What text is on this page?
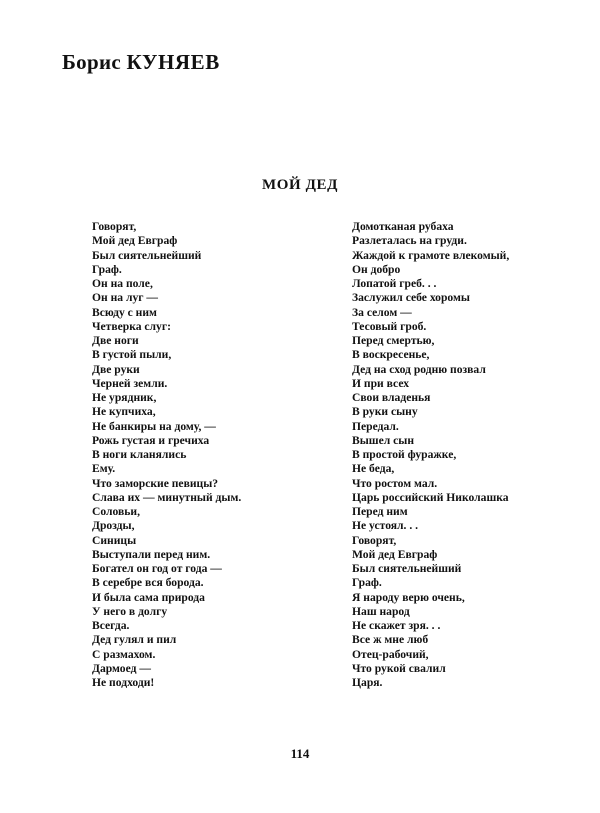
Борис КУНЯЕВ
МОЙ ДЕД
Говорят,
Мой дед Евграф
Был сиятельнейший
Граф.
Он на поле,
Он на луг —
Всюду с ним
Четверка слуг:
Две ноги
В густой пыли,
Две руки
Черней земли.
Не урядник,
Не купчиха,
Не банкиры на дому, —
Рожь густая и гречиха
В ноги кланялись
Ему.
Что заморские певицы?
Слава их — минутный дым.
Соловьи,
Дрозды,
Синицы
Выступали перед ним.
Богател он год от года —
В серебре вся борода.
И была сама природа
У него в долгу
Всегда.
Дед гулял и пил
С размахом.
Дармоед —
Не подходи!
Домотканая рубаха
Разлеталась на груди.
Жаждой к грамоте влекомый,
Он добро
Лопатой греб. . .
Заслужил себе хоромы
За селом —
Тесовый гроб.
Перед смертью,
В воскресенье,
Дед на сход родню позвал
И при всех
Свои владенья
В руки сыну
Передал.
Вышел сын
В простой фуражке,
Не беда,
Что ростом мал.
Царь российский Николашка
Перед ним
Не устоял. . .
Говорят,
Мой дед Евграф
Был сиятельнейший
Граф.
Я народу верю очень,
Наш народ
Не скажет зря. . .
Все ж мне люб
Отец-рабочий,
Что рукой свалил
Царя.
114
